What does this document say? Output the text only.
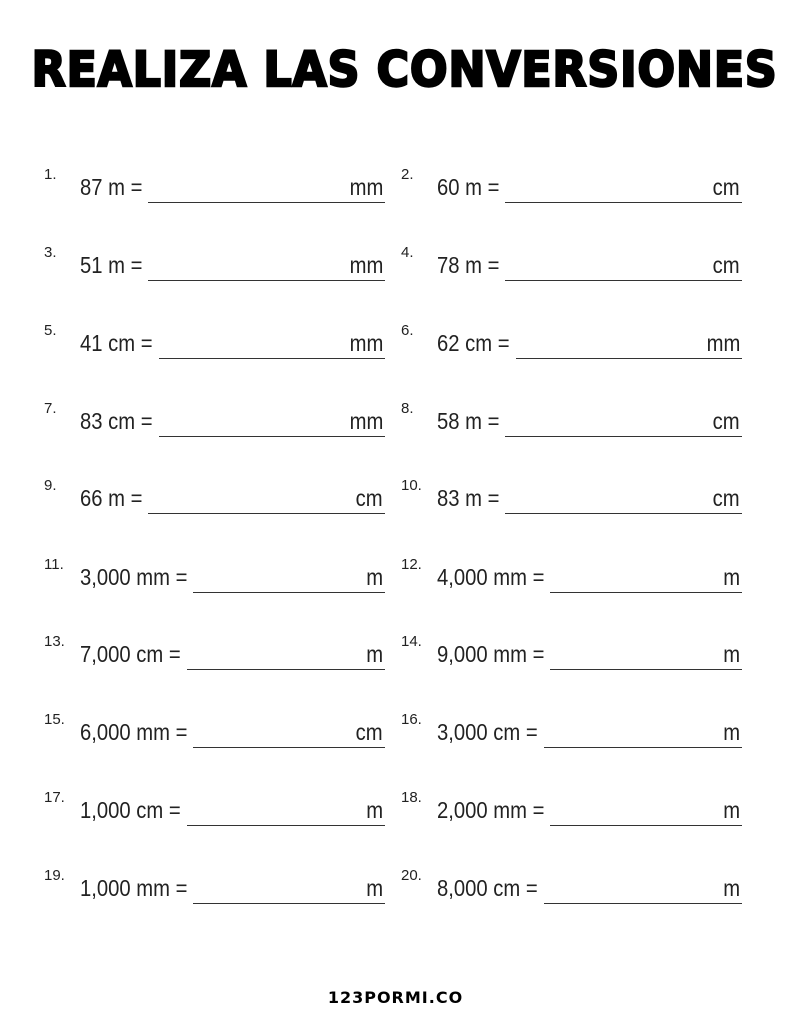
REALIZA LAS CONVERSIONES
1. 87 m =	mm 2. 60 m =	cm
3. 51 m =	mm 4. 78 m =	cm
5. 41 cm =	mm 6. 62 cm =	mm
7. 83 cm =	mm 8. 58 m =	cm
9. 66 m =	cm 10. 83 m =	cm
11. 3,000 mm =	m 12. 4,000 mm =	m
13. 7,000 cm =	m 14. 9,000 mm =	m
15. 6,000 mm =	cm 16. 3,000 cm =	m
17. 1,000 cm =	m 18. 2,000 mm =	m
19. 1,000 mm =	m 20. 8,000 cm =	m
123PORMI.CO
